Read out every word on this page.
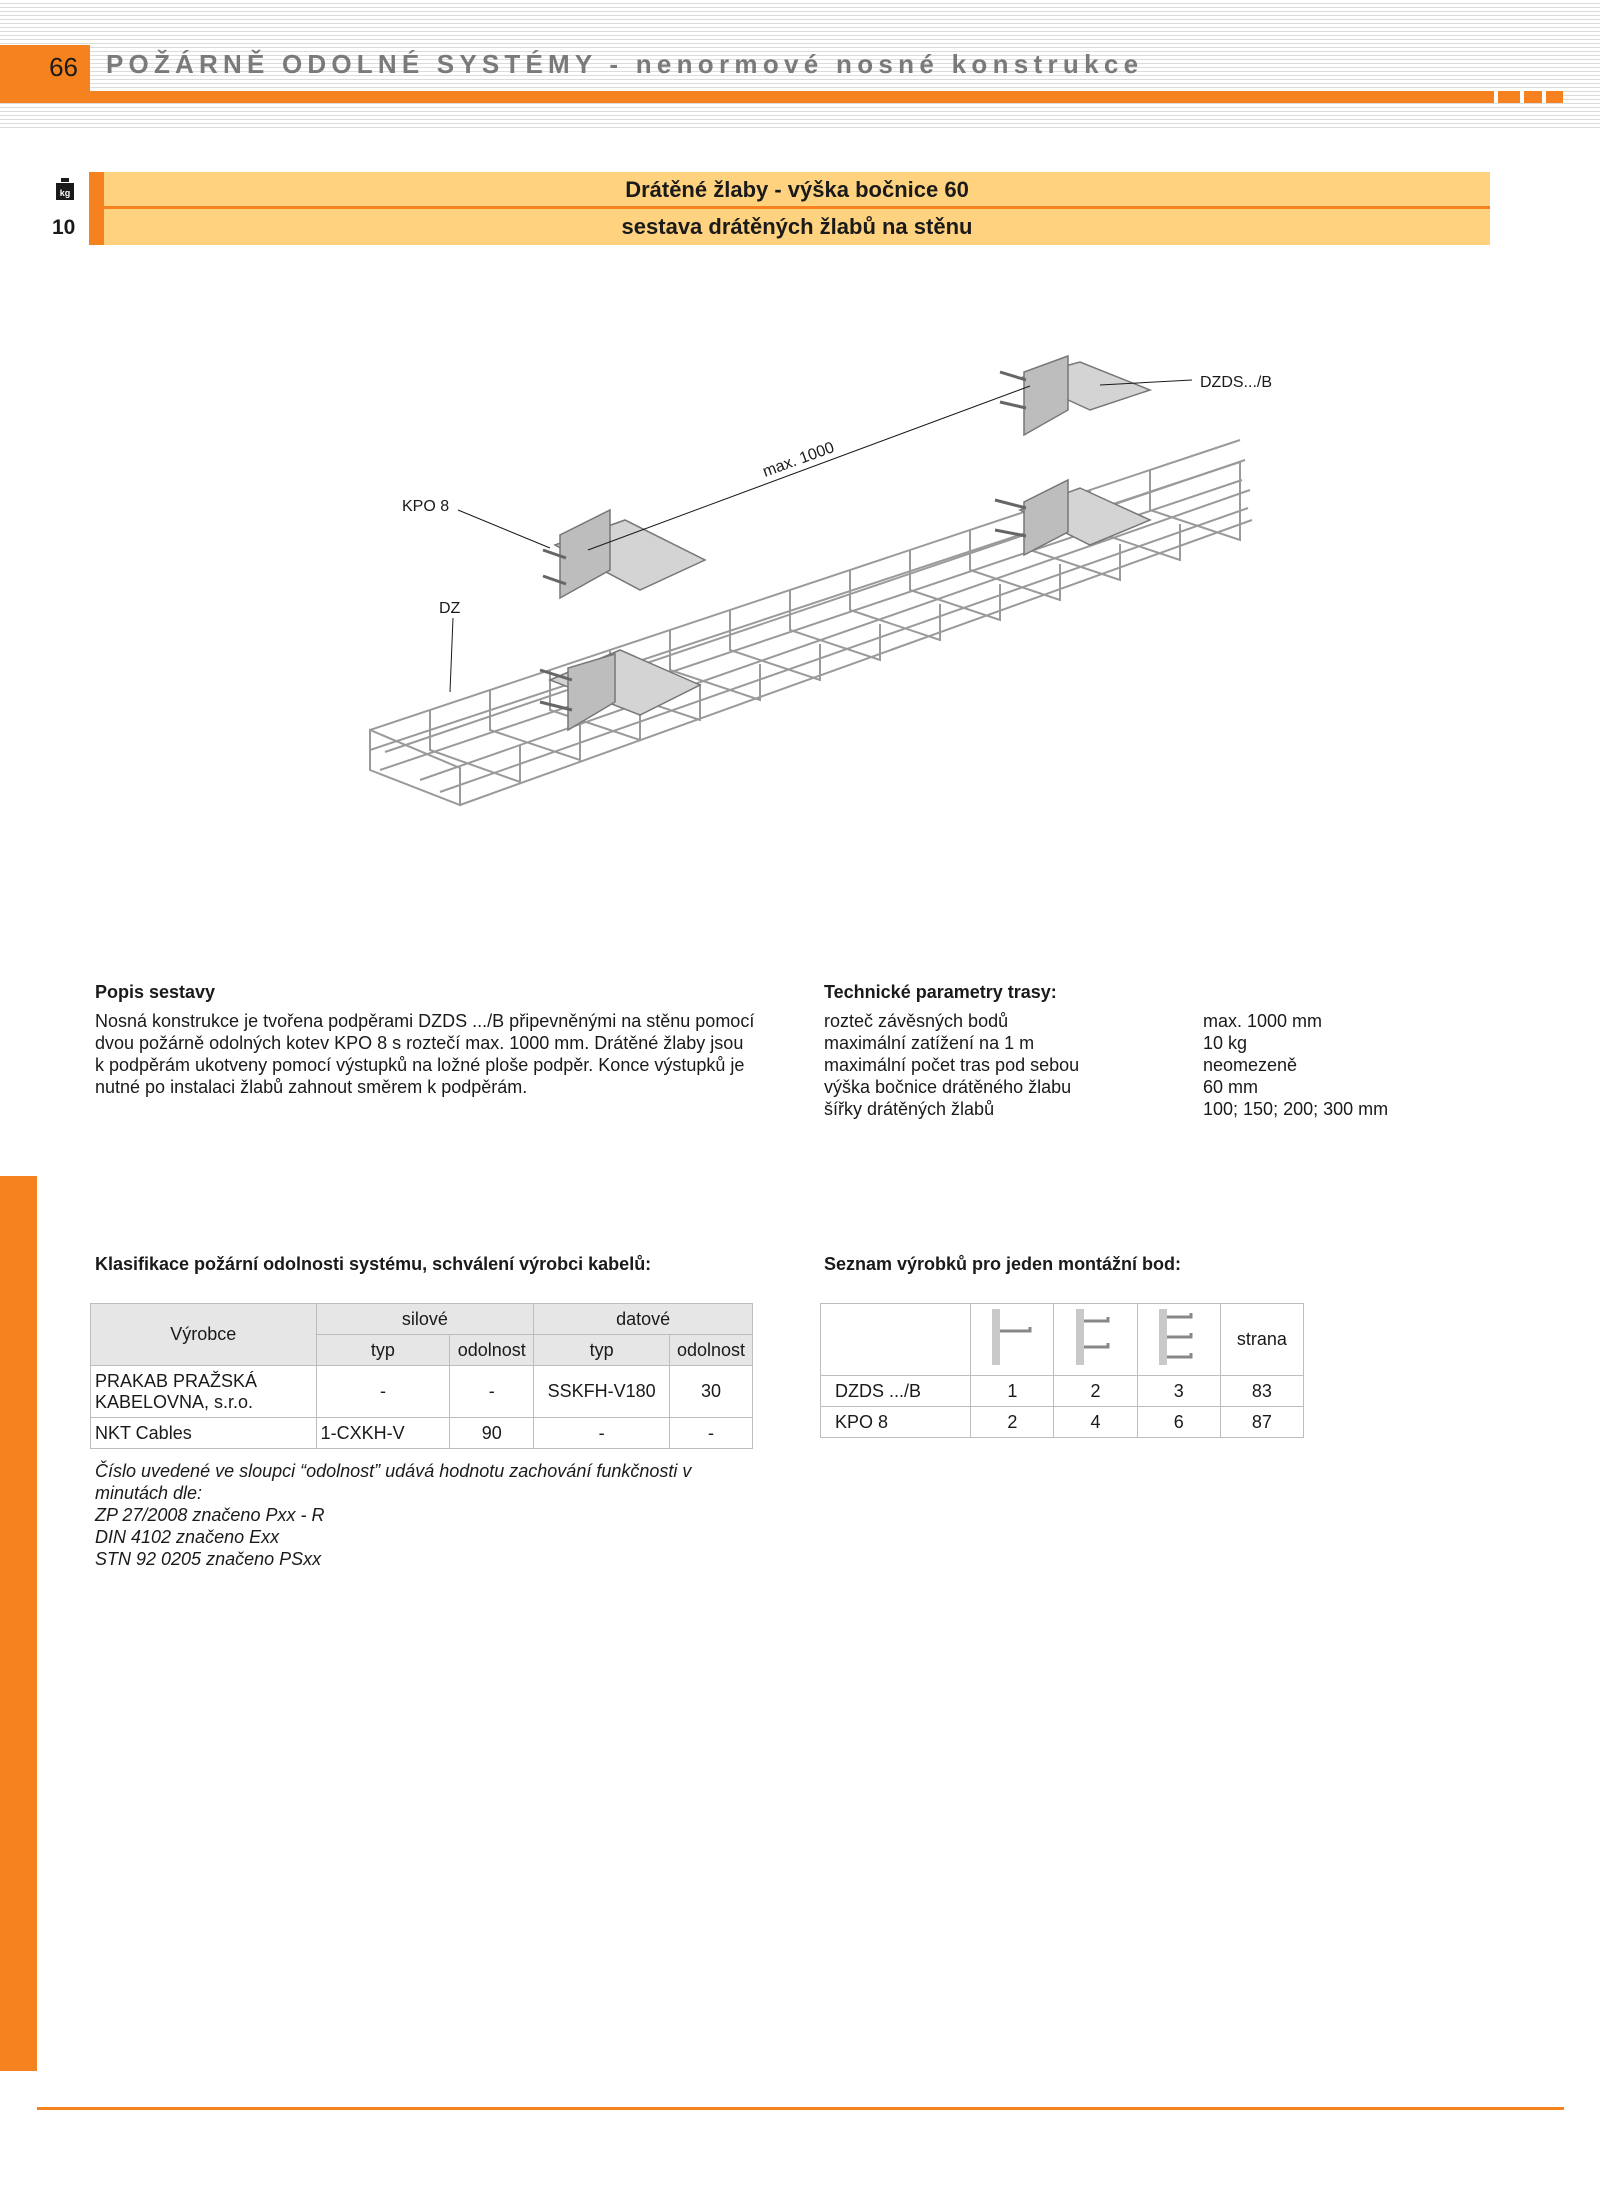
66 POŽÁRNĚ ODOLNÉ SYSTÉMY - nenormové nosné konstrukce
kg
10
Drátěné žlaby - výška bočnice 60
sestava drátěných žlabů na stěnu
DZDS.../B
KPO 8
DZ
max. 1000
Popis sestavy
Nosná konstrukce je tvořena podpěrami DZDS .../B připevněnými na stěnu pomocí
dvou požárně odolných kotev KPO 8 s roztečí max. 1000 mm. Drátěné žlaby jsou
k podpěrám ukotveny pomocí výstupků na ložné ploše podpěr. Konce výstupků je
nutné po instalaci žlabů zahnout směrem k podpěrám.
Technické parametry trasy:
rozteč závěsných bodů	max. 1000 mm
maximální zatížení na 1 m	10 kg
maximální počet tras pod sebou	neomezeně
výška bočnice drátěného žlabu	60 mm
šířky drátěných žlabů	100; 150; 200; 300 mm
Klasifikace požární odolnosti systému, schválení výrobci kabelů:
Výrobce	silové		datové	
	typ	odolnost	typ	odolnost
PRAKAB PRAŽSKÁ KABELOVNA, s.r.o.	-	-	SSKFH-V180	30
NKT Cables	1-CXKH-V	90	-	-
Číslo uvedené ve sloupci “odolnost” udává hodnotu zachování funkčnosti v
minutách dle:
ZP 27/2008 značeno Pxx - R
DIN 4102 značeno Exx
STN 92 0205 značeno PSxx
Seznam výrobků pro jeden montážní bod:
				strana
DZDS .../B	1	2	3	83
KPO 8	2	4	6	87
